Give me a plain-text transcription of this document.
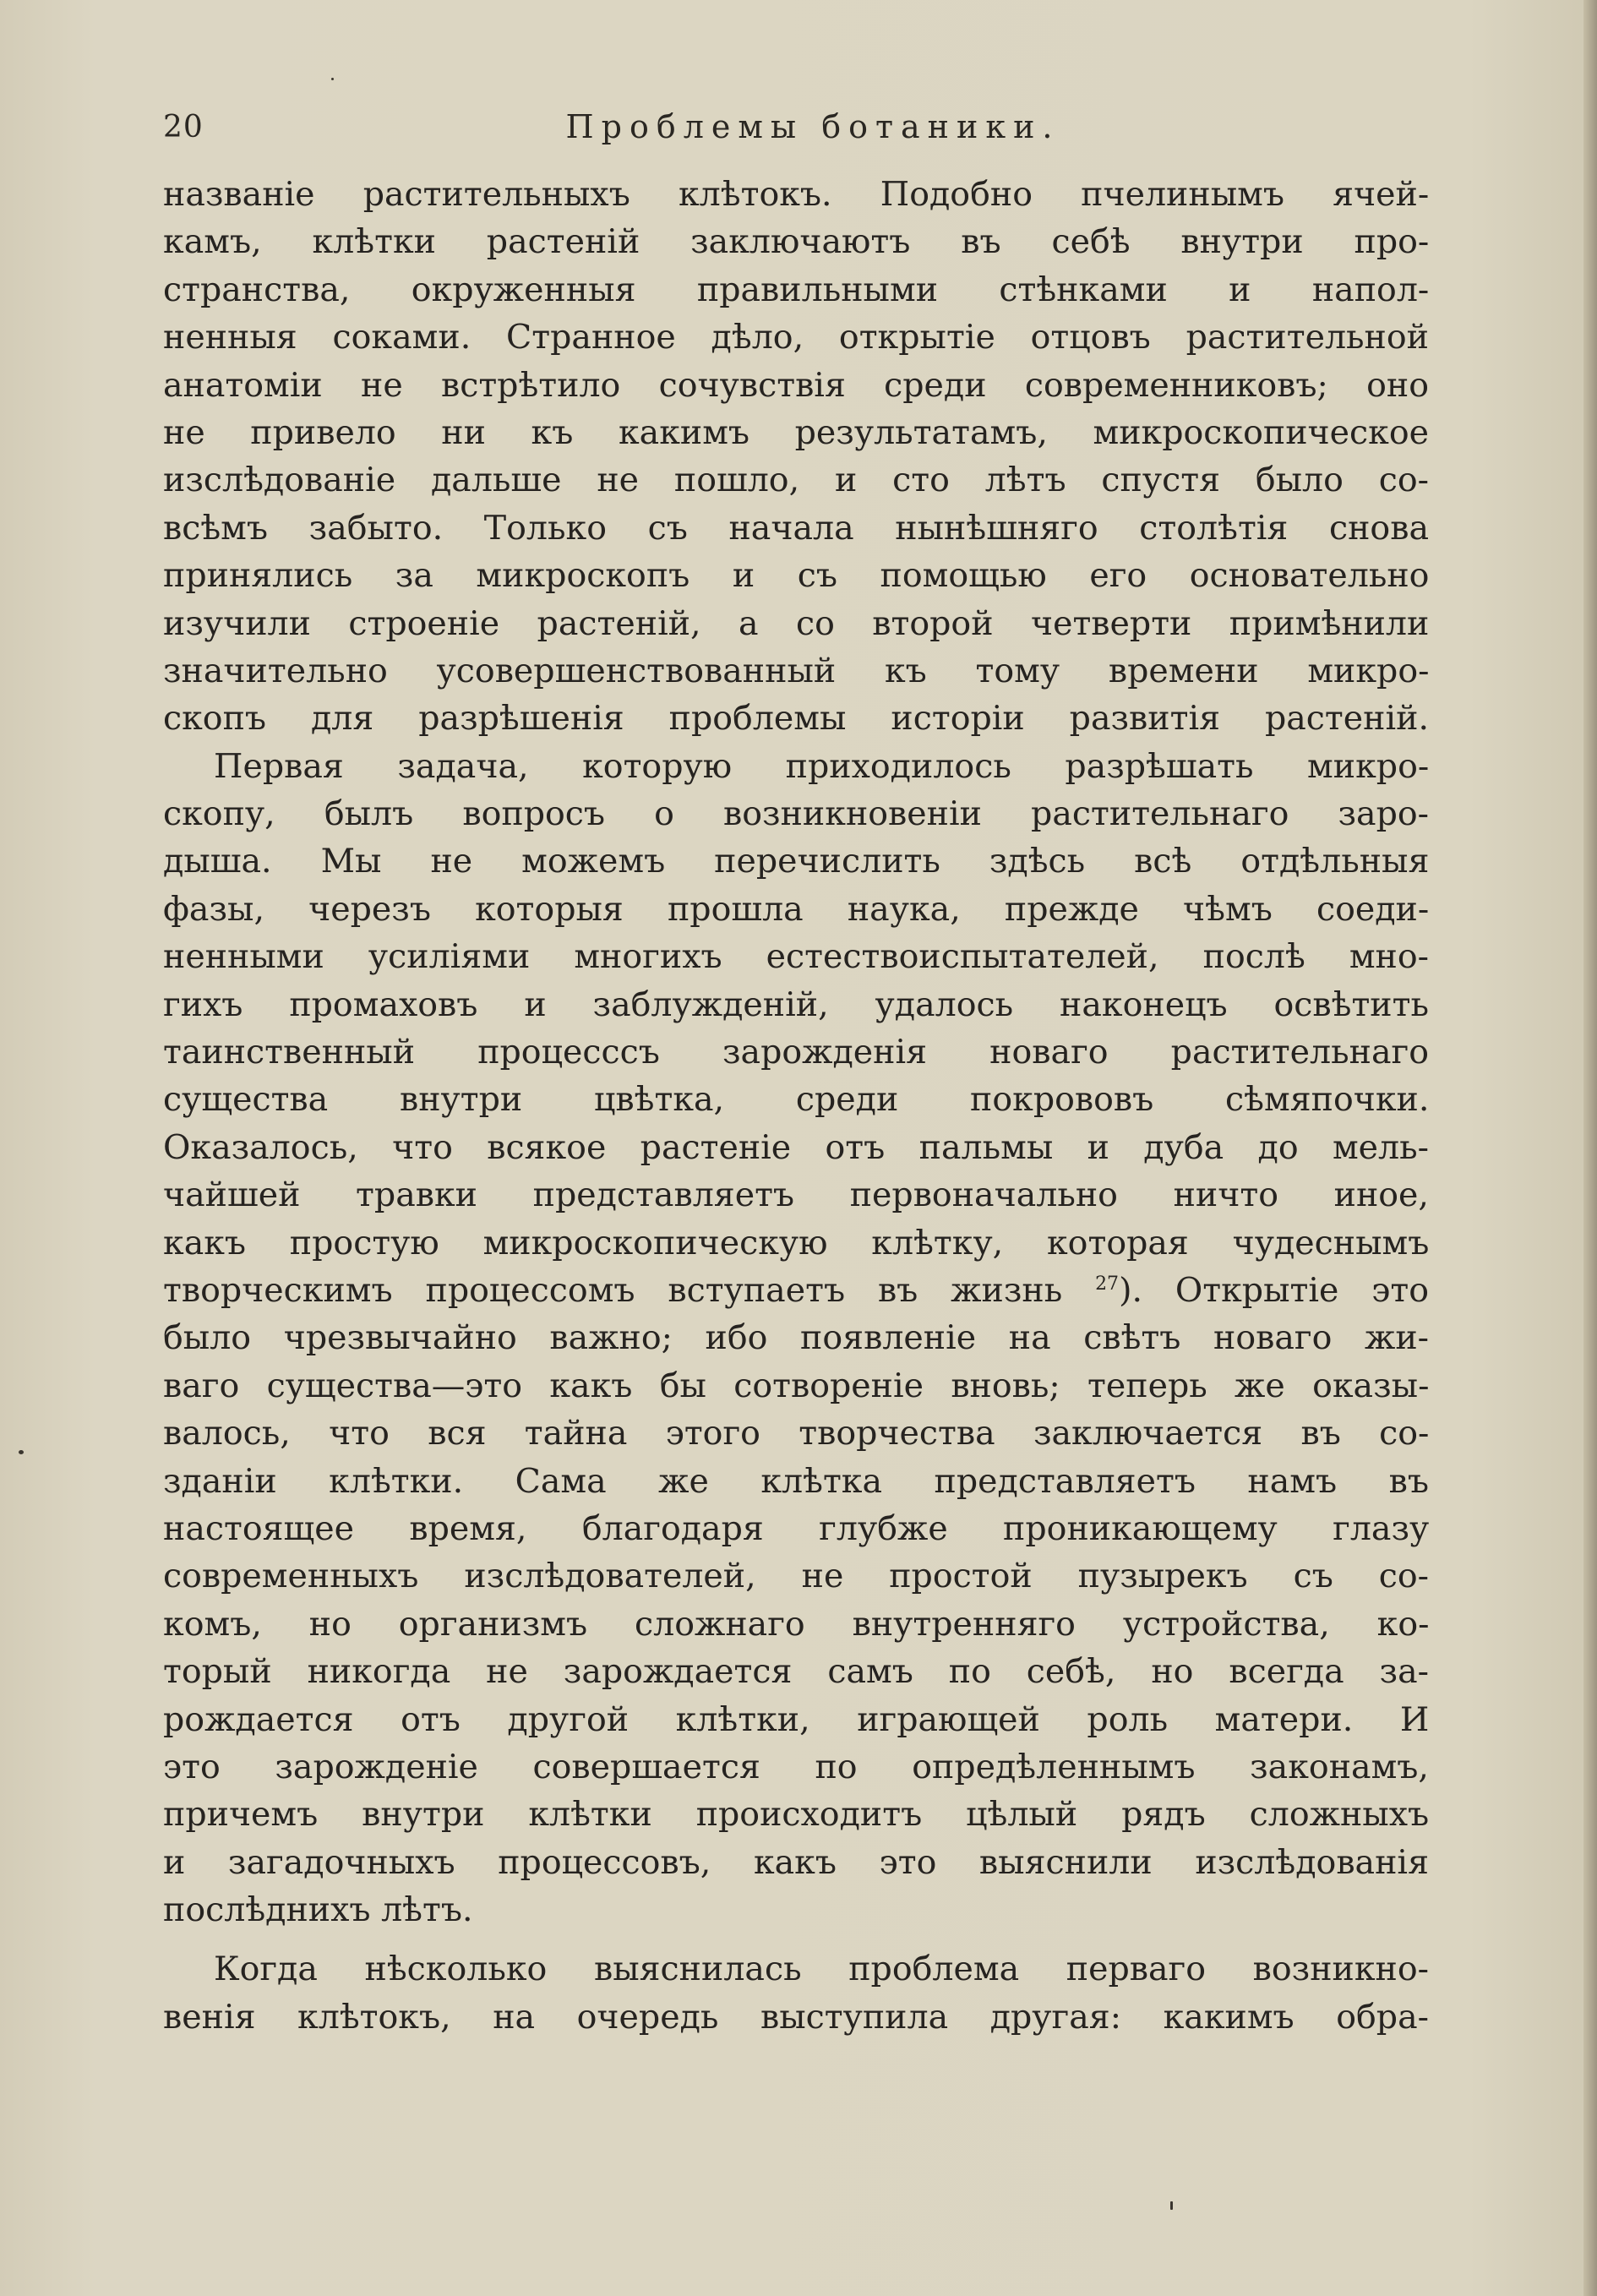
20	Проблемы ботаники.
названіе растительныхъ клѣтокъ. Подобно пчелинымъ ячей-
камъ, клѣтки растеній заключаютъ въ себѣ внутри про-
странства, окруженныя правильными стѣнками и напол-
ненныя соками. Странное дѣло, открытіе отцовъ растительной
анатоміи не встрѣтило сочувствія среди современниковъ; оно
не привело ни къ какимъ результатамъ, микроскопическое
изслѣдованіе дальше не пошло, и сто лѣтъ спустя было со-
всѣмъ забыто. Только съ начала нынѣшняго столѣтія снова
принялись за микроскопъ и съ помощью его основательно
изучили строеніе растеній, а со второй четверти примѣнили
значительно усовершенствованный къ тому времени микро-
скопъ для разрѣшенія проблемы исторіи развитія растеній.
Первая задача, которую приходилось разрѣшать микро-
скопу, былъ вопросъ о возникновеніи растительнаго заро-
дыша. Мы не можемъ перечислить здѣсь всѣ отдѣльныя
фазы, черезъ которыя прошла наука, прежде чѣмъ соеди-
ненными усиліями многихъ естествоиспытателей, послѣ мно-
гихъ промаховъ и заблужденій, удалось наконецъ освѣтить
таинственный процесссъ зарожденія новаго растительнаго
существа внутри цвѣтка, среди покрововъ сѣмяпочки.
Оказалось, что всякое растеніе отъ пальмы и дуба до мель-
чайшей травки представляетъ первоначально ничто иное,
какъ простую микроскопическую клѣтку, которая чудеснымъ
творческимъ процессомъ вступаетъ въ жизнь $^{27}$). Открытіе это
было чрезвычайно важно; ибо появленіе на свѣтъ новаго жи-
ваго существа—это какъ бы сотвореніе вновь; теперь же оказы-
валось, что вся тайна этого творчества заключается въ со-
зданіи клѣтки. Сама же клѣтка представляетъ намъ въ
настоящее время, благодаря глубже проникающему глазу
современныхъ изслѣдователей, не простой пузырекъ съ со-
комъ, но организмъ сложнаго внутренняго устройства, ко-
торый никогда не зарождается самъ по себѣ, но всегда за-
рождается отъ другой клѣтки, играющей роль матери. И
это зарожденіе совершается по опредѣленнымъ законамъ,
причемъ внутри клѣтки происходитъ цѣлый рядъ сложныхъ
и загадочныхъ процессовъ, какъ это выяснили изслѣдованія
послѣднихъ лѣтъ.
Когда нѣсколько выяснилась проблема перваго возникно-
венія клѣтокъ, на очередь выступила другая: какимъ обра-
